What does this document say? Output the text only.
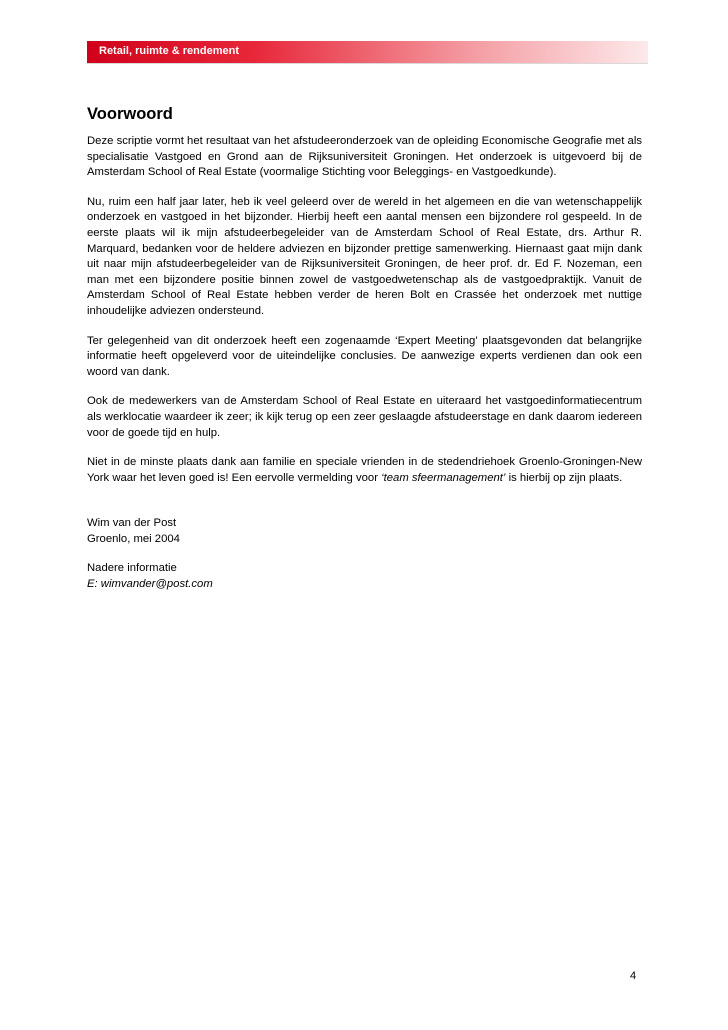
Retail, ruimte & rendement
Voorwoord

Deze scriptie vormt het resultaat van het afstudeeronderzoek van de opleiding Economische Geografie met als specialisatie Vastgoed en Grond aan de Rijksuniversiteit Groningen. Het onderzoek is uitgevoerd bij de Amsterdam School of Real Estate (voormalige Stichting voor Beleggings- en Vastgoedkunde).

Nu, ruim een half jaar later, heb ik veel geleerd over de wereld in het algemeen en die van wetenschappelijk onderzoek en vastgoed in het bijzonder. Hierbij heeft een aantal mensen een bijzondere rol gespeeld. In de eerste plaats wil ik mijn afstudeerbegeleider van de Amsterdam School of Real Estate, drs. Arthur R. Marquard, bedanken voor de heldere adviezen en bijzonder prettige samenwerking. Hiernaast gaat mijn dank uit naar mijn afstudeerbegeleider van de Rijksuniversiteit Groningen, de heer prof. dr. Ed F. Nozeman, een man met een bijzondere positie binnen zowel de vastgoedwetenschap als de vastgoedpraktijk. Vanuit de Amsterdam School of Real Estate hebben verder de heren Bolt en Crassée het onderzoek met nuttige inhoudelijke adviezen ondersteund.

Ter gelegenheid van dit onderzoek heeft een zogenaamde ‘Expert Meeting’ plaatsgevonden dat belangrijke informatie heeft opgeleverd voor de uiteindelijke conclusies. De aanwezige experts verdienen dan ook een woord van dank.

Ook de medewerkers van de Amsterdam School of Real Estate en uiteraard het vastgoedinformatiecentrum als werklocatie waardeer ik zeer; ik kijk terug op een zeer geslaagde afstudeerstage en dank daarom iedereen voor de goede tijd en hulp.

Niet in de minste plaats dank aan familie en speciale vrienden in de stedendriehoek Groenlo-Groningen-New York waar het leven goed is! Een eervolle vermelding voor ‘team sfeermanagement’ is hierbij op zijn plaats.

Wim van der Post
Groenlo, mei 2004
Nadere informatie
E: wimvander@post.com
4
